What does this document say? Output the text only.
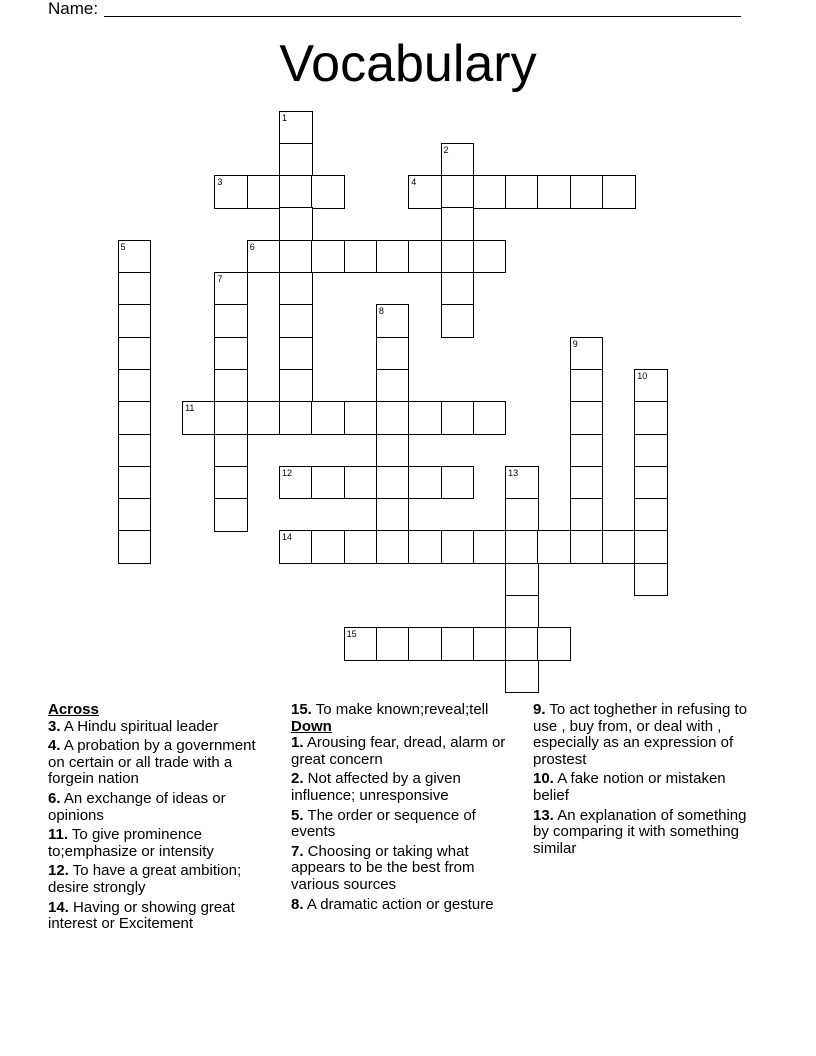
Name:
Vocabulary
1
2
3	4
5	6
7
8
9
10
11
12	13
14
15
Across
3. A Hindu spiritual leader
4. A probation by a government on certain or all trade with a forgein nation
6. An exchange of ideas or opinions
11. To give prominence to;emphasize or intensity
12. To have a great ambition; desire strongly
14. Having or showing great interest or Excitement
15. To make known;reveal;tell
Down
1. Arousing fear, dread, alarm or great concern
2. Not affected by a given influence; unresponsive
5. The order or sequence of events
7. Choosing or taking what appears to be the best from various sources
8. A dramatic action or gesture
9. To act toghether in refusing to use , buy from, or deal with , especially as an expression of prostest
10. A fake notion or mistaken belief
13. An explanation of something by comparing it with something similar
